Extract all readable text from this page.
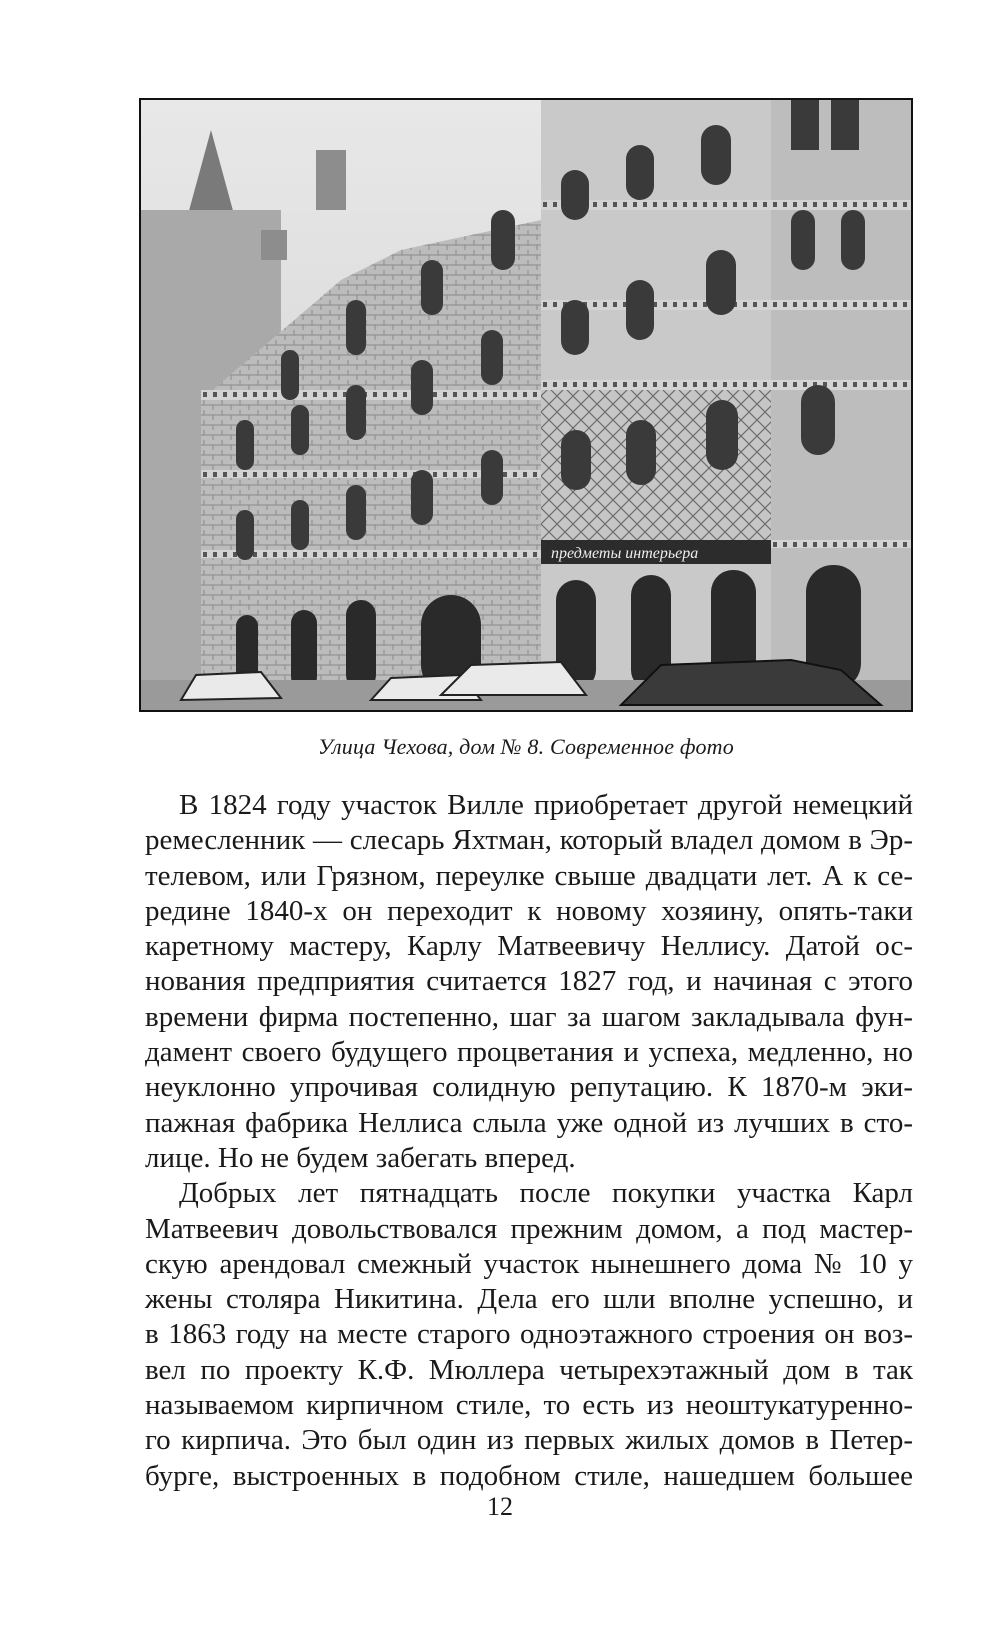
предметы интерьера
Улица Чехова, дом № 8. Современное фото
В 1824 году участок Вилле приобретает другой немецкий
ремесленник — слесарь Яхтман, который владел домом в Эр-
телевом, или Грязном, переулке свыше двадцати лет. А к се-
редине 1840-х он переходит к новому хозяину, опять-таки
каретному мастеру, Карлу Матвеевичу Неллису. Датой ос-
нования предприятия считается 1827 год, и начиная с этого
времени фирма постепенно, шаг за шагом закладывала фун-
дамент своего будущего процветания и успеха, медленно, но
неуклонно упрочивая солидную репутацию. К 1870-м эки-
пажная фабрика Неллиса слыла уже одной из лучших в сто-
лице. Но не будем забегать вперед.
Добрых лет пятнадцать после покупки участка Карл
Матвеевич довольствовался прежним домом, а под мастер-
скую арендовал смежный участок нынешнего дома № 10 у
жены столяра Никитина. Дела его шли вполне успешно, и
в 1863 году на месте старого одноэтажного строения он воз-
вел по проекту К.Ф. Мюллера четырехэтажный дом в так
называемом кирпичном стиле, то есть из неоштукатуренно-
го кирпича. Это был один из первых жилых домов в Петер-
бурге, выстроенных в подобном стиле, нашедшем большее
12
